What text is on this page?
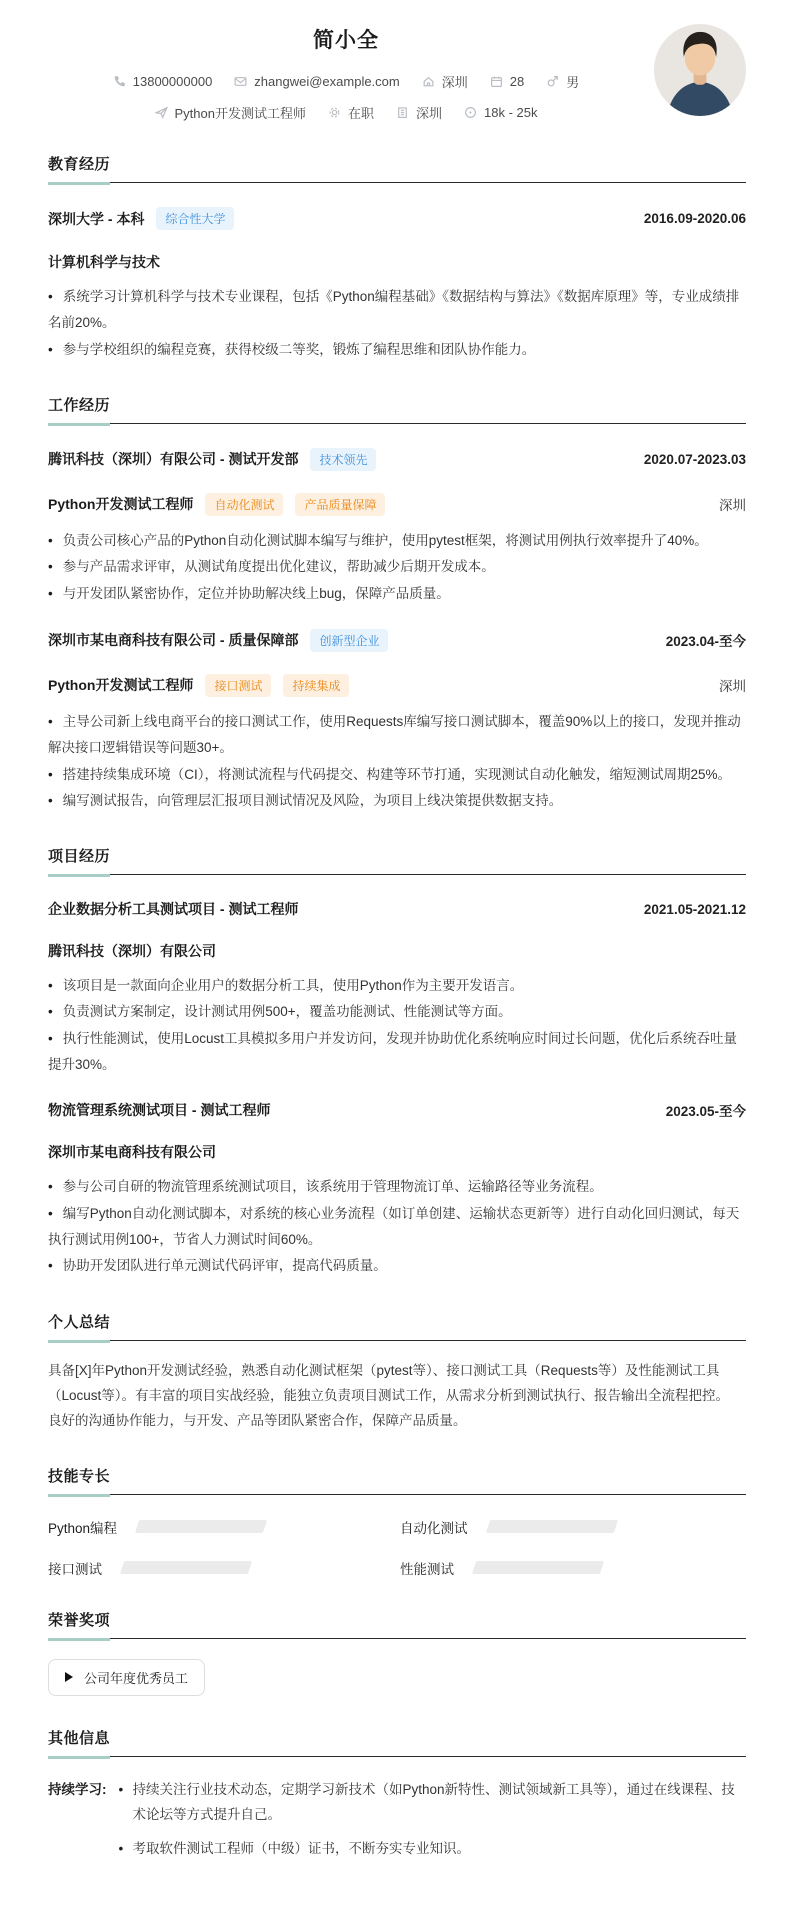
简小全
13800000000	zhangwei@example.com	深圳	28	男
Python开发测试工程师	在职	深圳	18k - 25k
教育经历
深圳大学 - 本科	综合性大学	2016.09-2020.06
计算机科学与技术
• 系统学习计算机科学与技术专业课程，包括《Python编程基础》《数据结构与算法》《数据库原理》等，专业成绩排名前20%。
• 参与学校组织的编程竞赛，获得校级二等奖，锻炼了编程思维和团队协作能力。
工作经历
腾讯科技（深圳）有限公司 - 测试开发部	技术领先	2020.07-2023.03
Python开发测试工程师	自动化测试	产品质量保障	深圳
• 负责公司核心产品的Python自动化测试脚本编写与维护，使用pytest框架，将测试用例执行效率提升了40%。
• 参与产品需求评审，从测试角度提出优化建议，帮助减少后期开发成本。
• 与开发团队紧密协作，定位并协助解决线上bug，保障产品质量。
深圳市某电商科技有限公司 - 质量保障部	创新型企业	2023.04-至今
Python开发测试工程师	接口测试	持续集成	深圳
• 主导公司新上线电商平台的接口测试工作，使用Requests库编写接口测试脚本，覆盖90%以上的接口，发现并推动解决接口逻辑错误等问题30+。
• 搭建持续集成环境（CI），将测试流程与代码提交、构建等环节打通，实现测试自动化触发，缩短测试周期25%。
• 编写测试报告，向管理层汇报项目测试情况及风险，为项目上线决策提供数据支持。
项目经历
企业数据分析工具测试项目 - 测试工程师	2021.05-2021.12
腾讯科技（深圳）有限公司
• 该项目是一款面向企业用户的数据分析工具，使用Python作为主要开发语言。
• 负责测试方案制定，设计测试用例500+，覆盖功能测试、性能测试等方面。
• 执行性能测试，使用Locust工具模拟多用户并发访问，发现并协助优化系统响应时间过长问题，优化后系统吞吐量提升30%。
物流管理系统测试项目 - 测试工程师	2023.05-至今
深圳市某电商科技有限公司
• 参与公司自研的物流管理系统测试项目，该系统用于管理物流订单、运输路径等业务流程。
• 编写Python自动化测试脚本，对系统的核心业务流程（如订单创建、运输状态更新等）进行自动化回归测试，每天执行测试用例100+，节省人力测试时间60%。
• 协助开发团队进行单元测试代码评审，提高代码质量。
个人总结

具备[X]年Python开发测试经验，熟悉自动化测试框架（pytest等）、接口测试工具（Requests等）及性能测试工具（Locust等）。有丰富的项目实战经验，能独立负责项目测试工作，从需求分析到测试执行、报告输出全流程把控。 良好的沟通协作能力，与开发、产品等团队紧密合作，保障产品质量。

技能专长
Python编程	自动化测试
接口测试	性能测试
荣誉奖项
公司年度优秀员工
其他信息
持续学习:	• 持续关注行业技术动态，定期学习新技术（如Python新特性、测试领域新工具等），通过在线课程、技术论坛等方式提升自己。
• 考取软件测试工程师（中级）证书，不断夯实专业知识。
